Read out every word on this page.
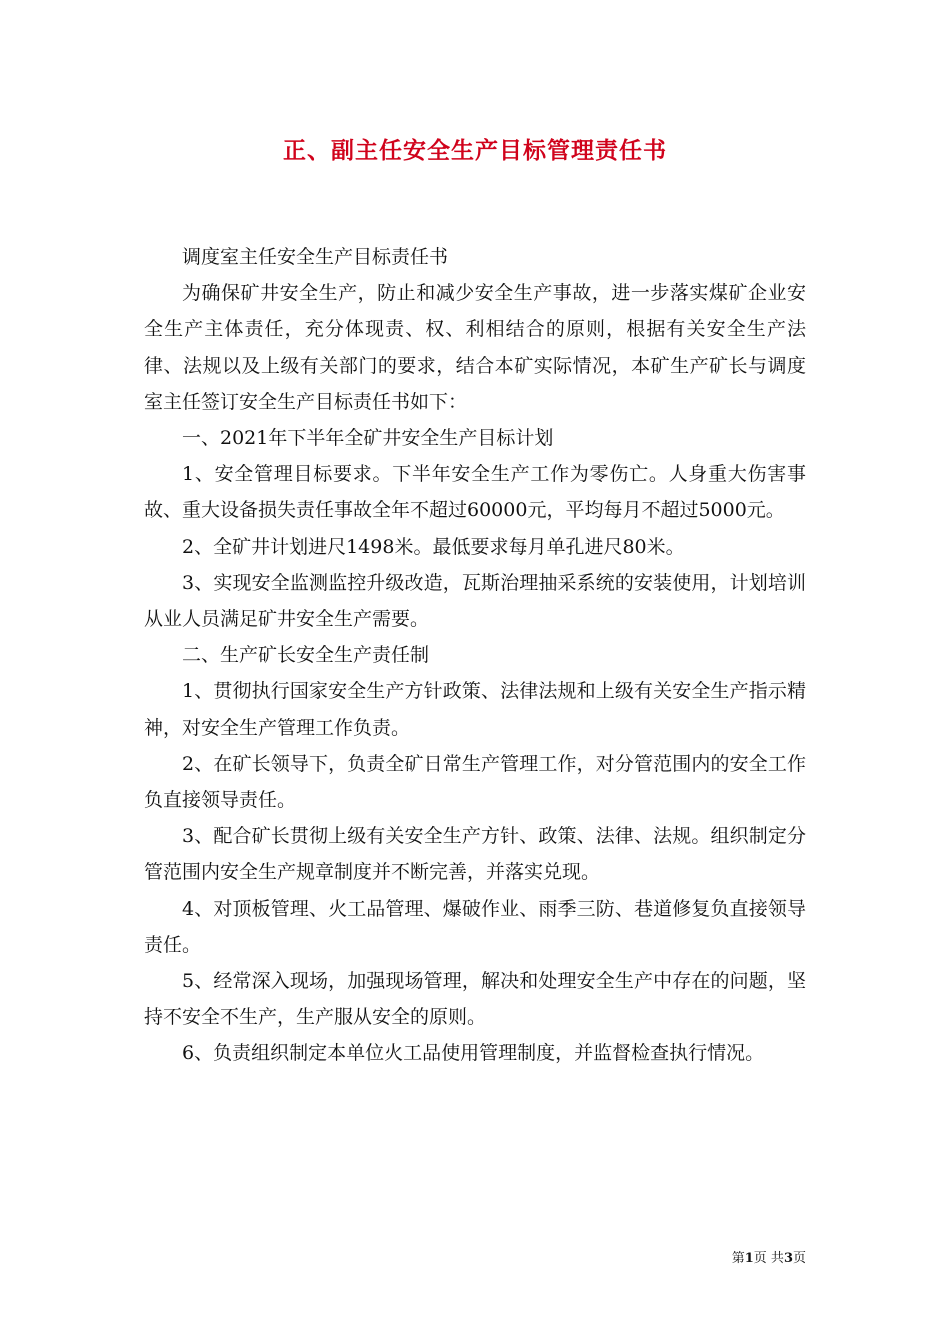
正、副主任安全生产目标管理责任书

调度室主任安全生产目标责任书

为确保矿井安全生产，防止和减少安全生产事故，进一步落实煤矿企业安全生产主体责任，充分体现责、权、利相结合的原则，根据有关安全生产法律、法规以及上级有关部门的要求，结合本矿实际情况，本矿生产矿长与调度室主任签订安全生产目标责任书如下：

一、2021年下半年全矿井安全生产目标计划

1、安全管理目标要求。下半年安全生产工作为零伤亡。人身重大伤害事故、重大设备损失责任事故全年不超过60000元，平均每月不超过5000元。

2、全矿井计划进尺1498米。最低要求每月单孔进尺80米。

3、实现安全监测监控升级改造，瓦斯治理抽采系统的安装使用，计划培训从业人员满足矿井安全生产需要。

二、生产矿长安全生产责任制

1、贯彻执行国家安全生产方针政策、法律法规和上级有关安全生产指示精神，对安全生产管理工作负责。

2、在矿长领导下，负责全矿日常生产管理工作，对分管范围内的安全工作负直接领导责任。

3、配合矿长贯彻上级有关安全生产方针、政策、法律、法规。组织制定分管范围内安全生产规章制度并不断完善，并落实兑现。

4、对顶板管理、火工品管理、爆破作业、雨季三防、巷道修复负直接领导责任。

5、经常深入现场，加强现场管理，解决和处理安全生产中存在的问题，坚持不安全不生产，生产服从安全的原则。

6、负责组织制定本单位火工品使用管理制度，并监督检查执行情况。

第1页 共3页
